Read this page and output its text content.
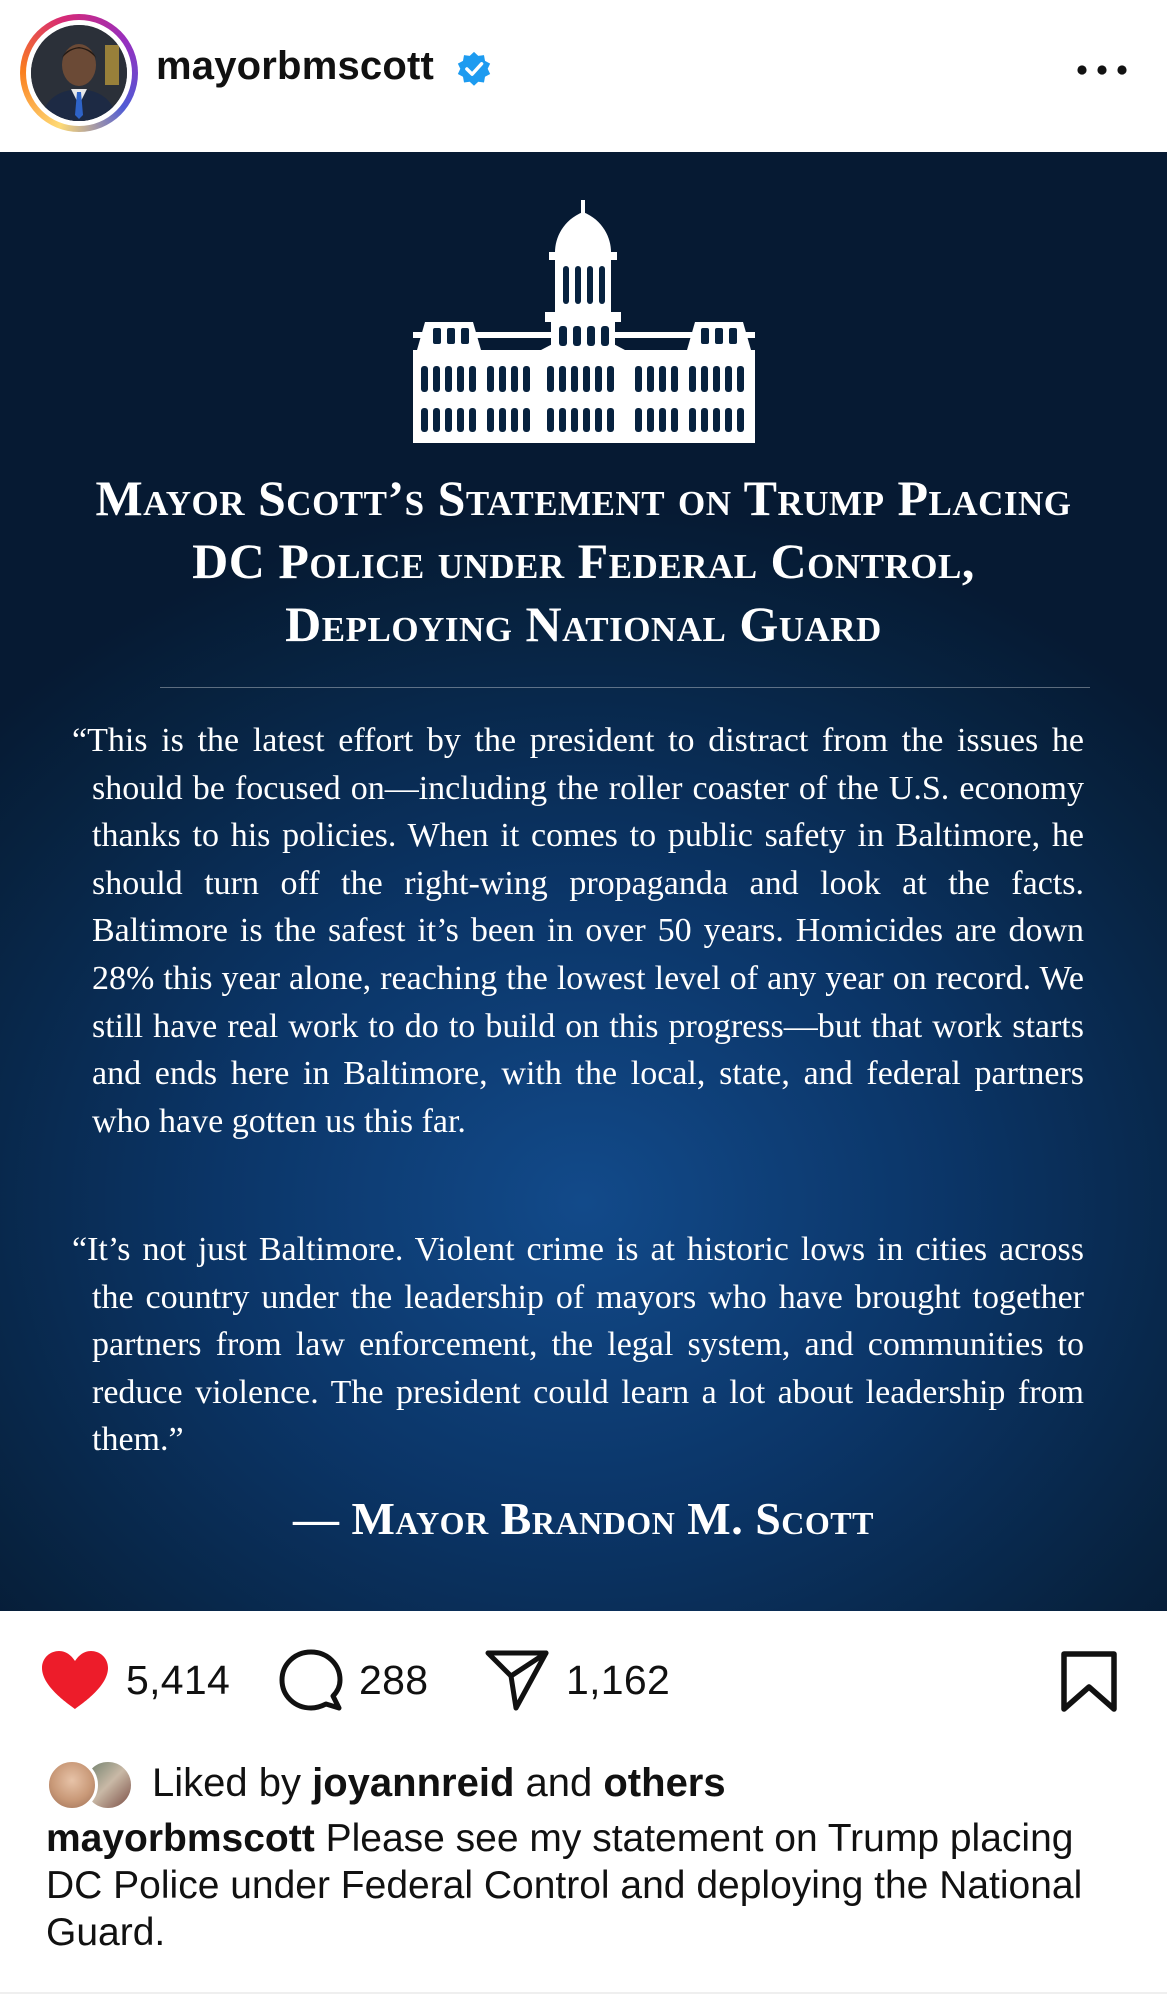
mayorbmscott
Mayor Scott’s Statement on Trump Placing
DC Police under Federal Control,
Deploying National Guard
“This is the latest effort by the president to distract from the issues he should be focused on—including the roller coaster of the U.S. economy thanks to his policies. When it comes to public safety in Baltimore, he should turn off the right-wing propaganda and look at the facts. Baltimore is the safest it’s been in over 50 years. Homicides are down 28% this year alone, reaching the lowest level of any year on record. We still have real work to do to build on this progress—but that work starts and ends here in Baltimore, with the local, state, and federal partners who have gotten us this far.
“It’s not just Baltimore. Violent crime is at historic lows in cities across the country under the leadership of mayors who have brought together partners from law enforcement, the legal system, and communities to reduce violence. The president could learn a lot about leadership from them.”
— Mayor Brandon M. Scott
5,414	288	1,162
Liked by joyannreid and others
mayorbmscott Please see my statement on Trump placing DC Police under Federal Control and deploying the National Guard.
